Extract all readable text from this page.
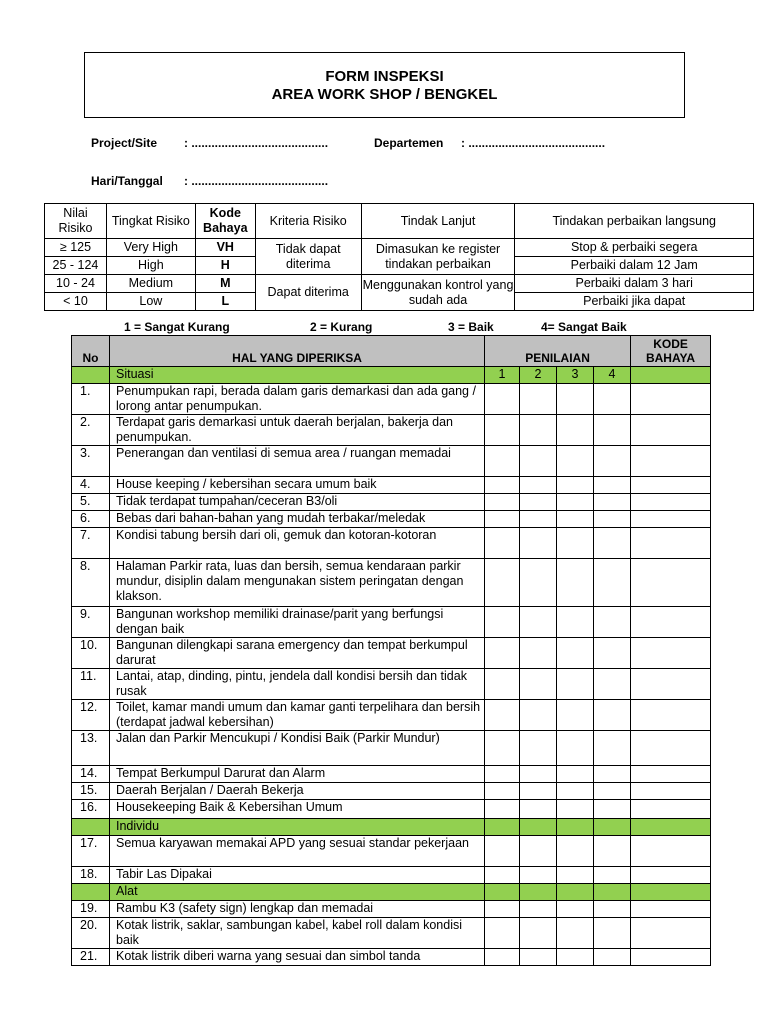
FORM INSPEKSI
AREA WORK SHOP / BENGKEL
Project/Site : .........................................	Departemen : .........................................
Hari/Tanggal : .........................................
Nilai Risiko	Tingkat Risiko	Kode Bahaya	Kriteria Risiko	Tindak Lanjut	Tindakan perbaikan langsung
≥ 125	Very High	VH	Tidak dapat diterima	Dimasukan ke register tindakan perbaikan	Stop & perbaiki segera
25 - 124	High	H			Perbaiki dalam 12 Jam
10 - 24	Medium	M	Dapat diterima	Menggunakan kontrol yang sudah ada	Perbaiki dalam 3 hari
< 10	Low	L			Perbaiki jika dapat
1 = Sangat Kurang	2 = Kurang	3 = Baik	4= Sangat Baik
No	HAL YANG DIPERIKSA	PENILAIAN				KODE BAHAYA
	Situasi	1	2	3	4	
1.	Penumpukan rapi, berada dalam garis demarkasi dan ada gang / lorong antar penumpukan.					
2.	Terdapat garis demarkasi untuk daerah berjalan, bakerja dan penumpukan.					
3.	Penerangan dan ventilasi di semua area / ruangan memadai					
4.	House keeping / kebersihan secara umum baik					
5.	Tidak terdapat tumpahan/ceceran B3/oli					
6.	Bebas dari bahan-bahan yang mudah terbakar/meledak					
7.	Kondisi tabung bersih dari oli, gemuk dan kotoran-kotoran					
8.	Halaman Parkir rata, luas dan bersih, semua kendaraan parkir mundur, disiplin dalam mengunakan sistem peringatan dengan klakson.					
9.	Bangunan workshop memiliki drainase/parit yang berfungsi dengan baik					
10.	Bangunan dilengkapi sarana emergency dan tempat berkumpul darurat					
11.	Lantai, atap, dinding, pintu, jendela dall kondisi bersih dan tidak rusak					
12.	Toilet, kamar mandi umum dan kamar ganti terpelihara dan bersih (terdapat jadwal kebersihan)					
13.	Jalan dan Parkir Mencukupi / Kondisi Baik (Parkir Mundur)					
14.	Tempat Berkumpul Darurat dan Alarm					
15.	Daerah Berjalan / Daerah Bekerja					
16.	Housekeeping Baik & Kebersihan Umum					
	Individu					
17.	Semua karyawan memakai APD yang sesuai standar pekerjaan					
18.	Tabir Las Dipakai					
	Alat					
19.	Rambu K3 (safety sign) lengkap dan memadai					
20.	Kotak listrik, saklar, sambungan kabel, kabel roll dalam kondisi baik					
21.	Kotak listrik diberi warna yang sesuai dan simbol tanda					
